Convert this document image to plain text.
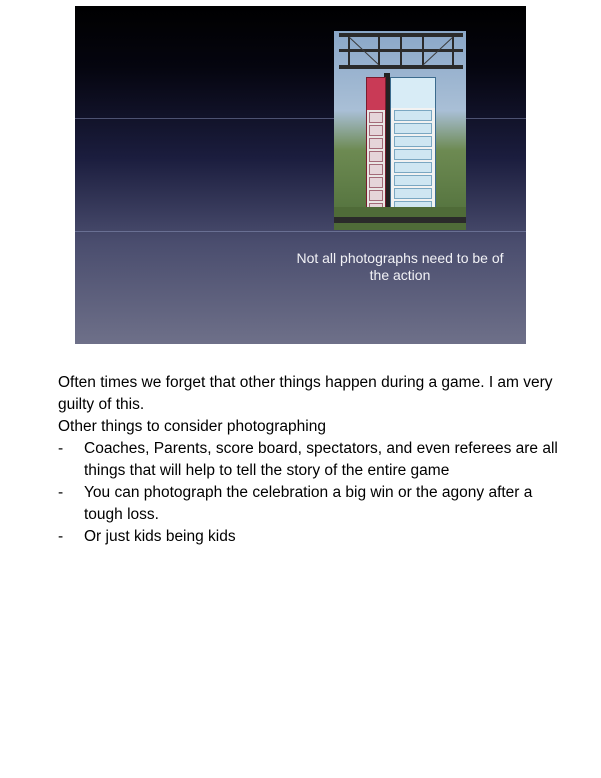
Not all photographs need to be of the action

Often times we forget that other things happen during a game. I am very guilty of this.

Other things to consider photographing

- Coaches, Parents, score board, spectators, and even referees are all things that will help to tell the story of the entire game
- You can photograph the celebration a big win or the agony after a tough loss.
- Or just kids being kids
